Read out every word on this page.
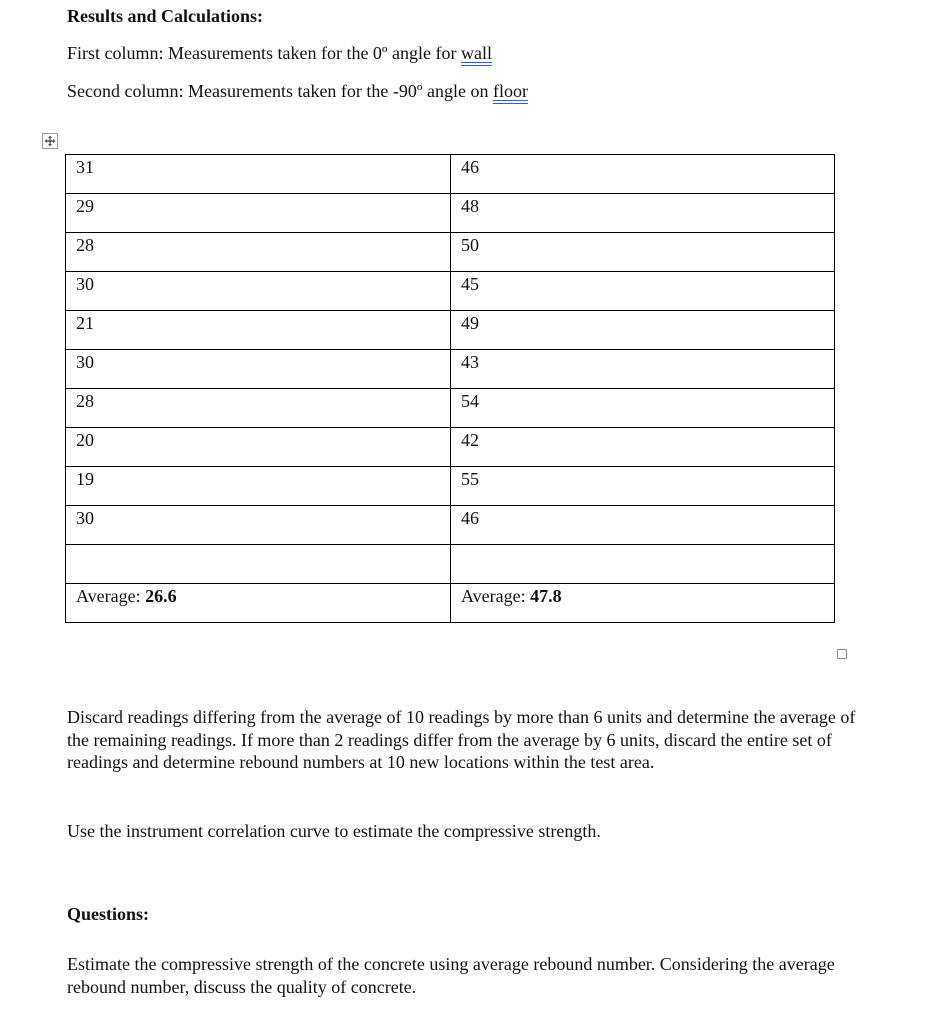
Results and Calculations:
First column: Measurements taken for the 0º angle for wall
Second column: Measurements taken for the -90º angle on floor
31	46
29	48
28	50
30	45
21	49
30	43
28	54
20	42
19	55
30	46

Average: 26.6	Average: 47.8
Discard readings differing from the average of 10 readings by more than 6 units and determine the average of the remaining readings. If more than 2 readings differ from the average by 6 units, discard the entire set of readings and determine rebound numbers at 10 new locations within the test area.
Use the instrument correlation curve to estimate the compressive strength.
Questions:
Estimate the compressive strength of the concrete using average rebound number. Considering the average rebound number, discuss the quality of concrete.
